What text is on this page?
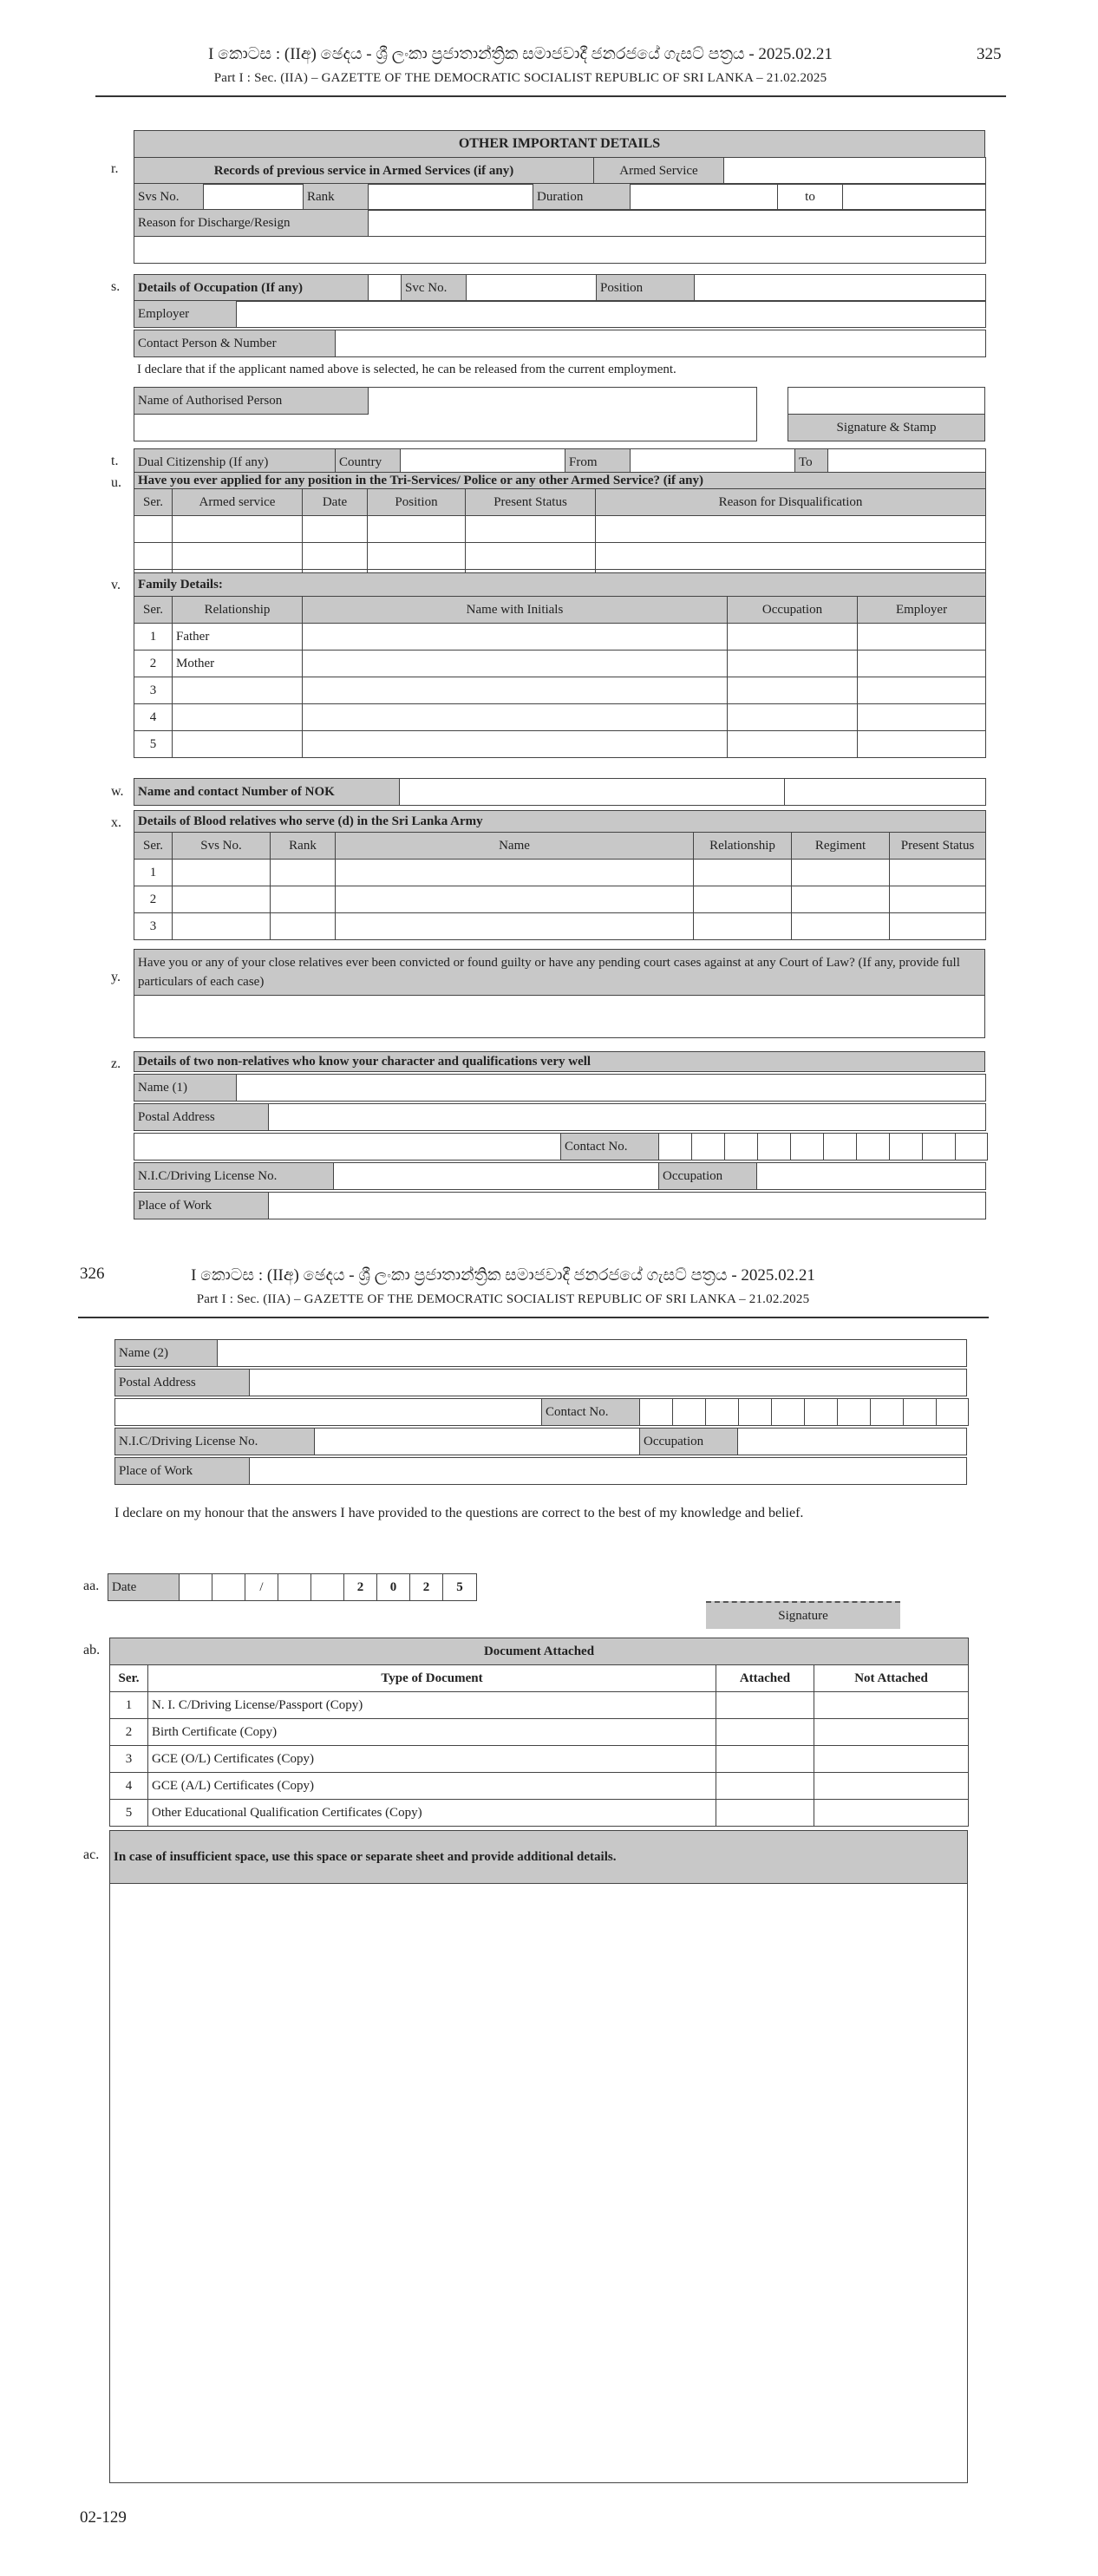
I කොටස : (IIඅ) ඡෙදය - ශ්‍රී ලංකා ප්‍රජාතාන්ත්‍රික සමාජවාදී ජනරජයේ ගැසට් පත්‍රය - 2025.02.21	325
Part I : Sec. (IIA) – GAZETTE OF THE DEMOCRATIC SOCIALIST REPUBLIC OF SRI LANKA – 21.02.2025
OTHER IMPORTANT DETAILS
r.	Records of previous service in Armed Services (if any)	Armed Service	
Svs No.		Rank		Duration		to	
Reason for Discharge/Resign	

s. Details of Occupation (If any)		Svc No.		Position	
Employer	
Contact Person & Number	
I declare that if the applicant named above is selected, he can be released from the current employment.
Name of Authorised Person	

Signature & Stamp
t. Dual Citizenship (If any)	Country		From		To	
u. Have you ever applied for any position in the Tri-Services/ Police or any other Armed Service? (if any)					
Ser.	Armed service	Date	Position	Present Status	Reason for Disqualification

v. Family Details:				
Ser.	Relationship	Name with Initials	Occupation	Employer
1	Father			
2	Mother			
3				
4				
5				
w. Name and contact Number of NOK		
x. Details of Blood relatives who serve (d) in the Sri Lanka Army						
Ser.	Svs No.	Rank	Name	Relationship	Regiment	Present Status
1						
2						
3						
y.
Have you or any of your close relatives ever been convicted or found guilty or have any pending court cases against at any Court of Law? (If any, provide full particulars of each case)

z. Details of two non-relatives who know your character and qualifications very well
Name (1)	
Postal Address	
	Contact No.										
N.I.C/Driving License No.		Occupation	
Place of Work	
326	I කොටස : (IIඅ) ඡෙදය - ශ්‍රී ලංකා ප්‍රජාතාන්ත්‍රික සමාජවාදී ජනරජයේ ගැසට් පත්‍රය - 2025.02.21
Part I : Sec. (IIA) – GAZETTE OF THE DEMOCRATIC SOCIALIST REPUBLIC OF SRI LANKA – 21.02.2025
Name (2)	
Postal Address	
	Contact No.										
N.I.C/Driving License No.		Occupation	
Place of Work	
I declare on my honour that the answers I have provided to the questions are correct to the best of my knowledge and belief.
aa. Date			/			2	0	2	5
Signature
ab.	Document Attached			
Ser.	Type of Document	Attached	Not Attached
1	N. I. C/Driving License/Passport (Copy)		
2	Birth Certificate (Copy)		
3	GCE (O/L) Certificates (Copy)		
4	GCE (A/L) Certificates (Copy)		
5	Other Educational Qualification Certificates (Copy)		
ac. In case of insufficient space, use this space or separate sheet and provide additional details.

02-129
